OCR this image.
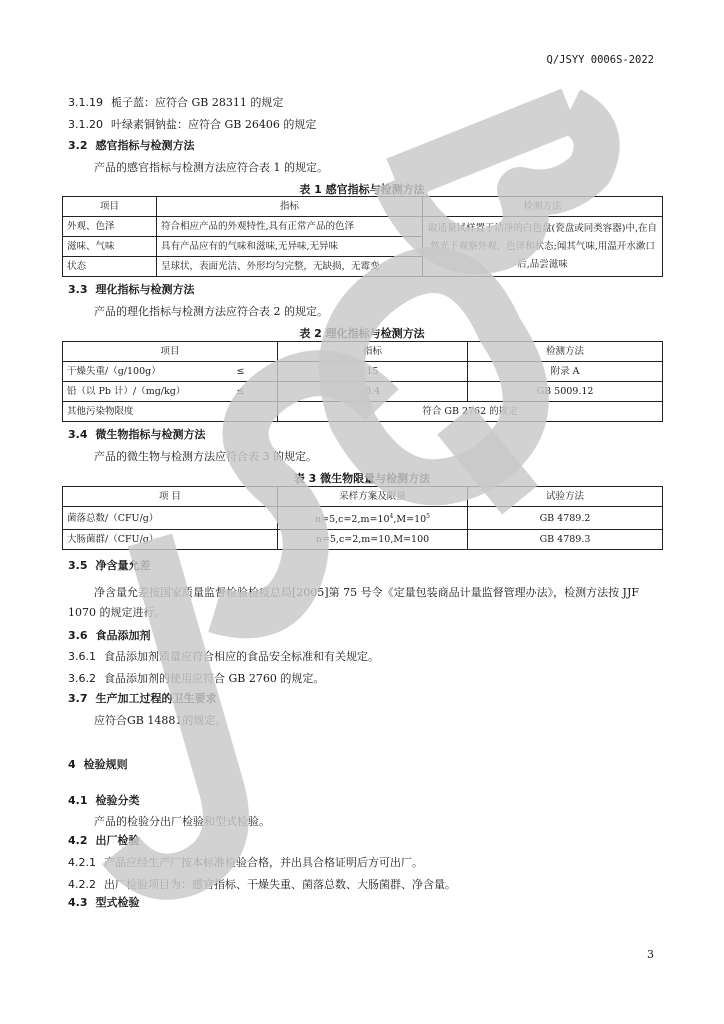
Q/JSYY 0006S-2022
3.1.19 栀子蓝：应符合 GB 28311 的规定
3.1.20 叶绿素铜钠盐：应符合 GB 26406 的规定
3.2 感官指标与检测方法
产品的感官指标与检测方法应符合表 1 的规定。
表 1 感官指标与检测方法
项目	指标	检测方法
外观、色泽	符合相应产品的外观特性,具有正常产品的色泽	取适量试样置于洁净的白色盘(瓷盘或同类容器)中,在自然光下观察外观、色泽和状态;闻其气味,用温开水漱口后,品尝滋味
滋味、气味	具有产品应有的气味和滋味,无异味,无异味	
状态	呈球状，表面光洁、外形均匀完整，无缺损，无霉变	
3.3 理化指标与检测方法
产品的理化指标与检测方法应符合表 2 的规定。
表 2 理化指标与检测方法
项目		指标	检测方法
干燥失重/（g/100g）	≤	15	附录 A
铅（以 Pb 计）/（mg/kg）	≤	0.4	GB 5009.12
其他污染物限度		符合 GB 2762 的规定	
3.4 微生物指标与检测方法
产品的微生物与检测方法应符合表 3 的规定。
表 3 微生物限量与检测方法
项 目	采样方案及限量	试验方法
菌落总数/（CFU/g）	$n=5,c=2,m=10^4,M=10^5$	GB 4789.2
大肠菌群/（CFU/g）	n=5,c=2,m=10,M=100	GB 4789.3
3.5 净含量允差
净含量允差按国家质量监督检验检疫总局[2005]第 75 号令《定量包装商品计量监督管理办法》，检测方法按 JJF 1070 的规定进行。
3.6 食品添加剂
3.6.1 食品添加剂质量应符合相应的食品安全标准和有关规定。
3.6.2 食品添加剂的使用应符合 GB 2760 的规定。
3.7 生产加工过程的卫生要求
应符合GB 14881的规定。
4 检验规则
4.1 检验分类
产品的检验分出厂检验和型式检验。
4.2 出厂检验
4.2.1 产品应经生产厂按本标准检验合格，并出具合格证明后方可出厂。
4.2.2 出厂检验项目为：感官指标、干燥失重、菌落总数、大肠菌群、净含量。
4.3 型式检验
3
